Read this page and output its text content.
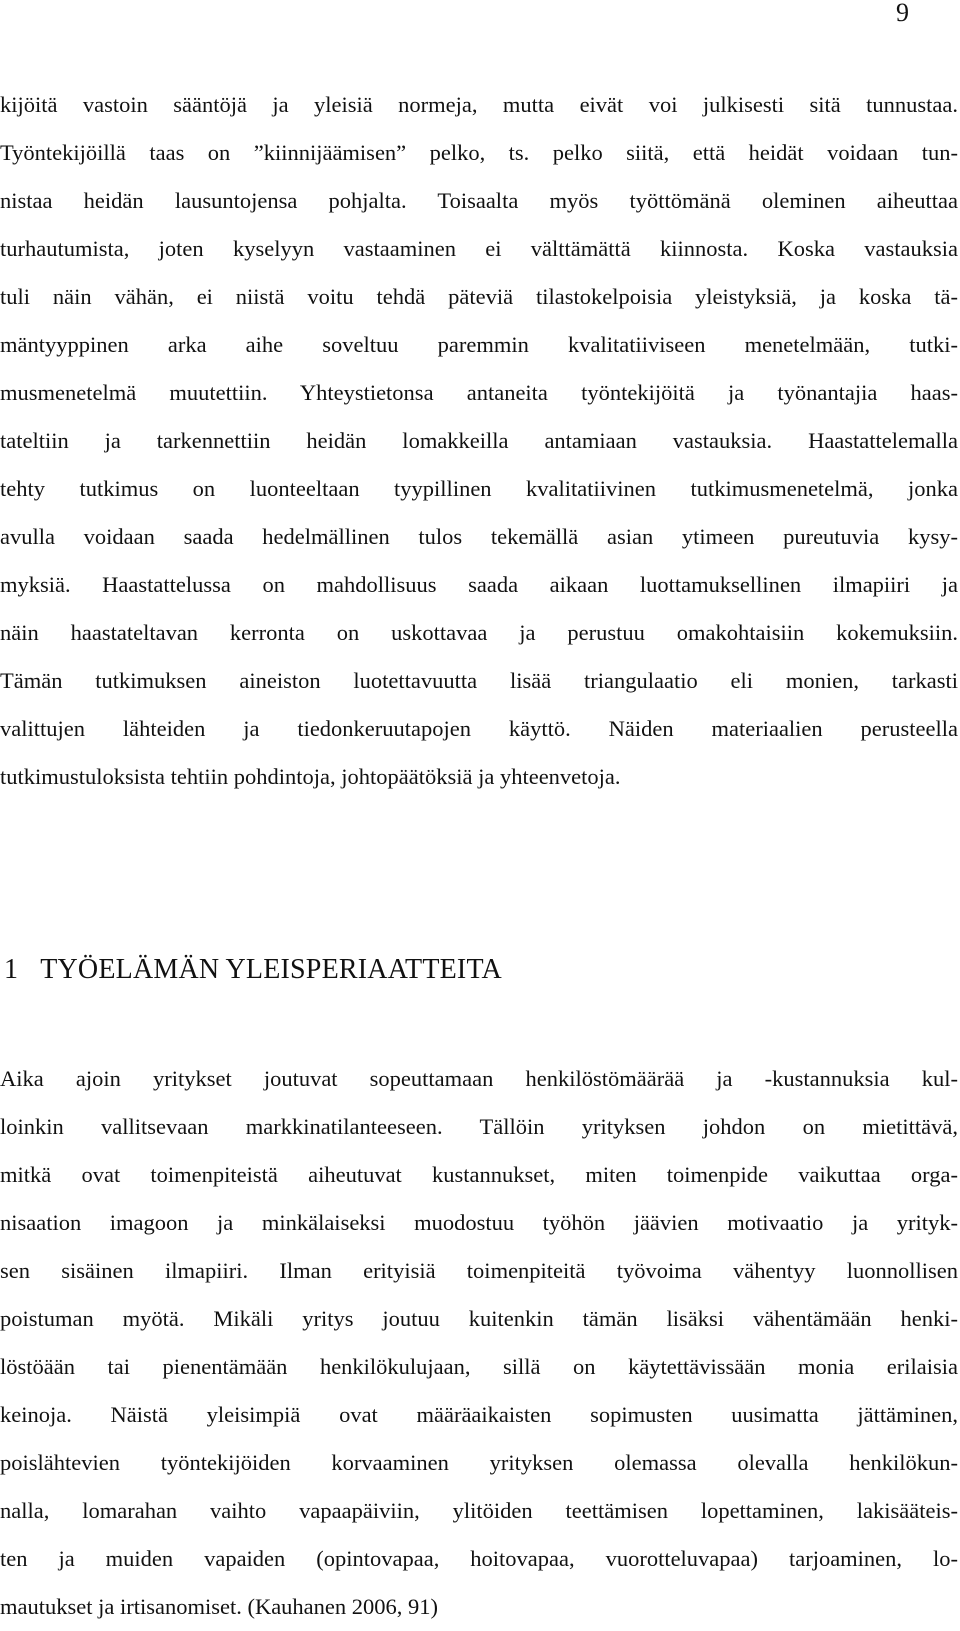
9
kijöitä vastoin sääntöjä ja yleisiä normeja, mutta eivät voi julkisesti sitä tunnustaa.
Työntekijöillä taas on ”kiinnijäämisen” pelko, ts. pelko siitä, että heidät voidaan tun-
nistaa heidän lausuntojensa pohjalta. Toisaalta myös työttömänä oleminen aiheuttaa
turhautumista, joten kyselyyn vastaaminen ei välttämättä kiinnosta. Koska vastauksia
tuli näin vähän, ei niistä voitu tehdä päteviä tilastokelpoisia yleistyksiä, ja koska tä-
mäntyyppinen arka aihe soveltuu paremmin kvalitatiiviseen menetelmään, tutki-
musmenetelmä muutettiin. Yhteystietonsa antaneita työntekijöitä ja työnantajia haas-
tateltiin ja tarkennettiin heidän lomakkeilla antamiaan vastauksia. Haastattelemalla
tehty tutkimus on luonteeltaan tyypillinen kvalitatiivinen tutkimusmenetelmä, jonka
avulla voidaan saada hedelmällinen tulos tekemällä asian ytimeen pureutuvia kysy-
myksiä. Haastattelussa on mahdollisuus saada aikaan luottamuksellinen ilmapiiri ja
näin haastateltavan kerronta on uskottavaa ja perustuu omakohtaisiin kokemuksiin.
Tämän tutkimuksen aineiston luotettavuutta lisää triangulaatio eli monien, tarkasti
valittujen lähteiden ja tiedonkeruutapojen käyttö. Näiden materiaalien perusteella
tutkimustuloksista tehtiin pohdintoja, johtopäätöksiä ja yhteenvetoja.
1 TYÖELÄMÄN YLEISPERIAATTEITA
Aika ajoin yritykset joutuvat sopeuttamaan henkilöstömäärää ja -kustannuksia kul-
loinkin vallitsevaan markkinatilanteeseen. Tällöin yrityksen johdon on mietittävä,
mitkä ovat toimenpiteistä aiheutuvat kustannukset, miten toimenpide vaikuttaa orga-
nisaation imagoon ja minkälaiseksi muodostuu työhön jäävien motivaatio ja yrityk-
sen sisäinen ilmapiiri. Ilman erityisiä toimenpiteitä työvoima vähentyy luonnollisen
poistuman myötä. Mikäli yritys joutuu kuitenkin tämän lisäksi vähentämään henki-
löstöään tai pienentämään henkilökulujaan, sillä on käytettävissään monia erilaisia
keinoja. Näistä yleisimpiä ovat määräaikaisten sopimusten uusimatta jättäminen,
poislähtevien työntekijöiden korvaaminen yrityksen olemassa olevalla henkilökun-
nalla, lomarahan vaihto vapaapäiviin, ylitöiden teettämisen lopettaminen, lakisääteis-
ten ja muiden vapaiden (opintovapaa, hoitovapaa, vuorotteluvapaa) tarjoaminen, lo-
mautukset ja irtisanomiset. (Kauhanen 2006, 91)
